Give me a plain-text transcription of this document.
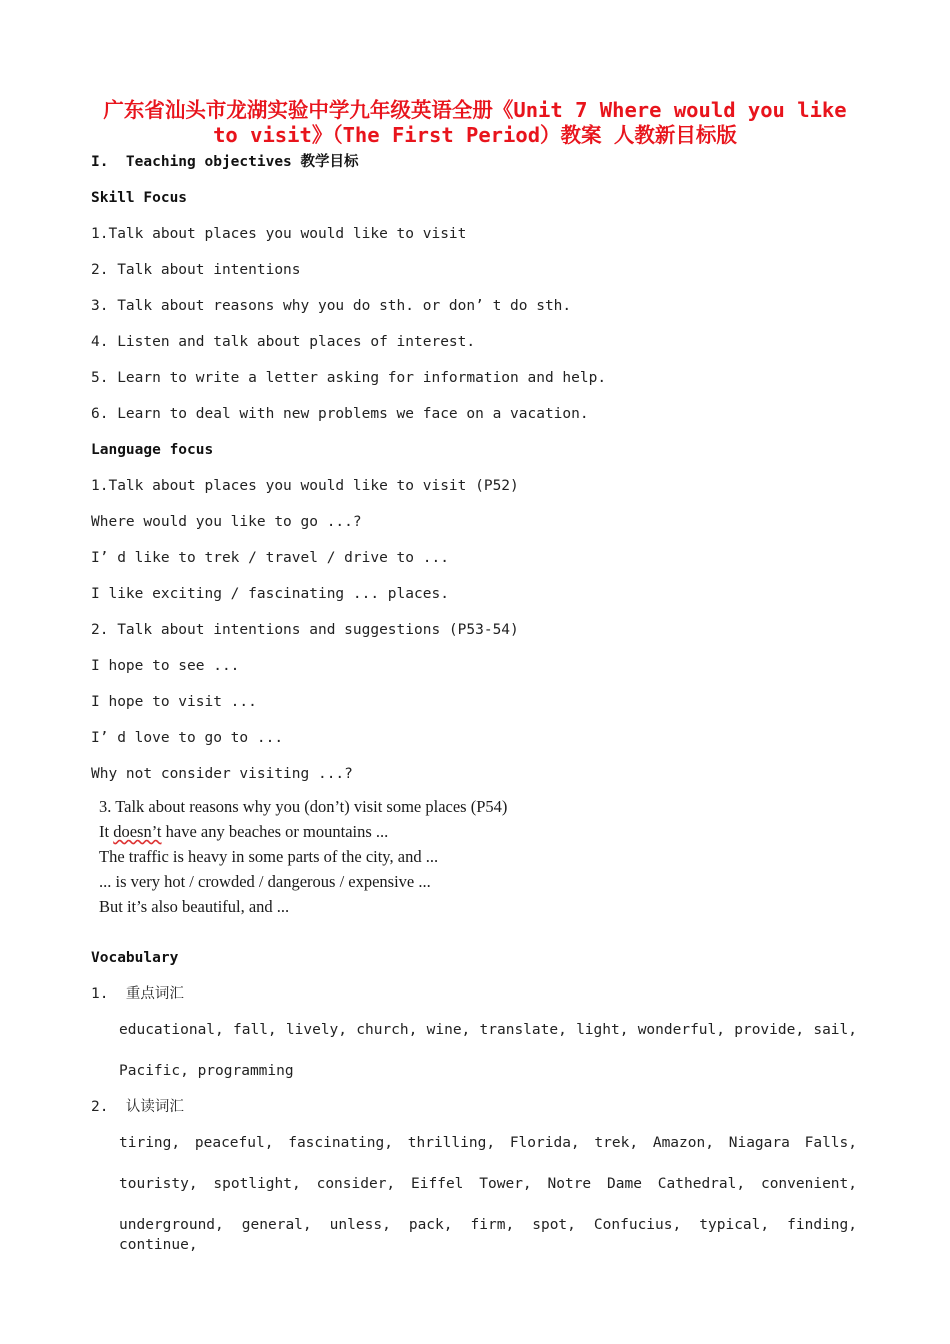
广东省汕头市龙湖实验中学九年级英语全册《Unit 7 Where would you like
to visit》（The First Period）教案 人教新目标版
I.  Teaching objectives 教学目标
Skill Focus
1.Talk about places you would like to visit
2. Talk about intentions
3. Talk about reasons why you do sth. or don’ t do sth.
4. Listen and talk about places of interest.
5. Learn to write a letter asking for information and help.
6. Learn to deal with new problems we face on a vacation.
Language focus
1.Talk about places you would like to visit (P52)
Where would you like to go ...?
I’ d like to trek / travel / drive to ...
I like exciting / fascinating ... places.
2. Talk about intentions and suggestions (P53-54)
I hope to see ...
I hope to visit ...
I’ d love to go to ...
Why not consider visiting ...?
3. Talk about reasons why you (don’t) visit some places (P54)
It doesn’t have any beaches or mountains ...
The traffic is heavy in some parts of the city, and ...
... is very hot / crowded / dangerous / expensive ...
But it’s also beautiful, and ...
Vocabulary
1.  重点词汇
educational, fall, lively, church, wine, translate, light, wonderful, provide, sail,
Pacific, programming
2.  认读词汇
tiring, peaceful, fascinating, thrilling, Florida, trek, Amazon, Niagara Falls,
touristy, spotlight, consider, Eiffel Tower, Notre Dame Cathedral, convenient,
underground, general, unless, pack, firm, spot, Confucius, typical, finding, continue,
